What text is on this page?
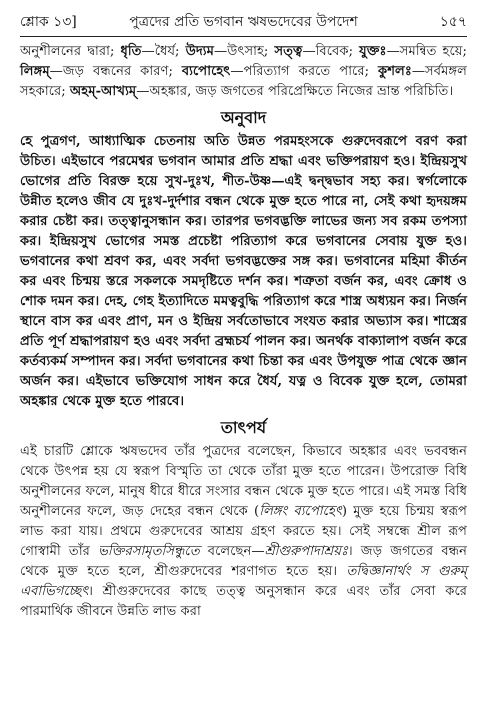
শ্লোক ১৩]	পুত্রদের প্রতি ভগবান ঋষভদেবের উপদেশ	১৫৭

অনুশীলনের দ্বারা; ধৃতি—ধৈর্য; উদ্যম—উৎসাহ; সত্ত্ব—বিবেক; যুক্তঃ—সমন্বিত হয়ে; লিঙ্গম্—জড় বন্ধনের কারণ; ব্যপোহেৎ—পরিত্যাগ করতে পারে; কুশলঃ—সর্বমঙ্গল সহকারে; অহম্-আখ্যম্—অহঙ্কার, জড় জগতের পরিপ্রেক্ষিতে নিজের ভ্রান্ত পরিচিতি।

অনুবাদ

হে পুত্রগণ, আধ্যাত্মিক চেতনায় অতি উন্নত পরমহংসকে গুরুদেবরূপে বরণ করা উচিত। এইভাবে পরমেশ্বর ভগবান আমার প্রতি শ্রদ্ধা এবং ভক্তিপরায়ণ হও। ইন্দ্রিয়সুখ ভোগের প্রতি বিরক্ত হয়ে সুখ-দুঃখ, শীত-উষ্ণ—এই দ্বন্দ্বভাব সহ্য কর। স্বর্গলোকে উন্নীত হলেও জীব যে দুঃখ-দুর্দশার বন্ধন থেকে মুক্ত হতে পারে না, সেই কথা হৃদয়ঙ্গম করার চেষ্টা কর। তত্ত্বানুসন্ধান কর। তারপর ভগবদ্ভক্তি লাভের জন্য সব রকম তপস্যা কর। ইন্দ্রিয়সুখ ভোগের সমস্ত প্রচেষ্টা পরিত্যাগ করে ভগবানের সেবায় যুক্ত হও। ভগবানের কথা শ্রবণ কর, এবং সর্বদা ভগবদ্ভক্তের সঙ্গ কর। ভগবানের মহিমা কীর্তন কর এবং চিন্ময় স্তরে সকলকে সমদৃষ্টিতে দর্শন কর। শত্রুতা বর্জন কর, এবং ক্রোধ ও শোক দমন কর। দেহ, গেহ ইত্যাদিতে মমত্ববুদ্ধি পরিত্যাগ করে শাস্ত্র অধ্যয়ন কর। নির্জন স্থানে বাস কর এবং প্রাণ, মন ও ইন্দ্রিয় সর্বতোভাবে সংযত করার অভ্যাস কর। শাস্ত্রের প্রতি পূর্ণ শ্রদ্ধাপরায়ণ হও এবং সর্বদা ব্রহ্মচর্য পালন কর। অনর্থক বাক্যালাপ বর্জন করে কর্তব্যকর্ম সম্পাদন কর। সর্বদা ভগবানের কথা চিন্তা কর এবং উপযুক্ত পাত্র থেকে জ্ঞান অর্জন কর। এইভাবে ভক্তিযোগ সাধন করে ধৈর্য, যত্ন ও বিবেক যুক্ত হলে, তোমরা অহঙ্কার থেকে মুক্ত হতে পারবে।

তাৎপর্য

এই চারটি শ্লোকে ঋষভদেব তাঁর পুত্রদের বলেছেন, কিভাবে অহঙ্কার এবং ভববন্ধন থেকে উৎপন্ন হয় যে স্বরূপ বিস্মৃতি তা থেকে তাঁরা মুক্ত হতে পারেন। উপরোক্ত বিধি অনুশীলনের ফলে, মানুষ ধীরে ধীরে সংসার বন্ধন থেকে মুক্ত হতে পারে। এই সমস্ত বিধি অনুশীলনের ফলে, জড় দেহের বন্ধন থেকে (লিঙ্গং ব্যপোহেৎ) মুক্ত হয়ে চিন্ময় স্বরূপ লাভ করা যায়। প্রথমে গুরুদেবের আশ্রয় গ্রহণ করতে হয়। সেই সম্বন্ধে শ্রীল রূপ গোস্বামী তাঁর ভক্তিরসামৃতসিন্ধুতে বলেছেন—শ্রীগুরুপাদাশ্রয়ঃ। জড় জগতের বন্ধন থেকে মুক্ত হতে হলে, শ্রীগুরুদেবের শরণাগত হতে হয়। তদ্বিজ্ঞানার্থং স গুরুম্ এবাভিগচ্ছেৎ। শ্রীগুরুদেবের কাছে তত্ত্ব অনুসন্ধান করে এবং তাঁর সেবা করে পারমার্থিক জীবনে উন্নতি লাভ করা
